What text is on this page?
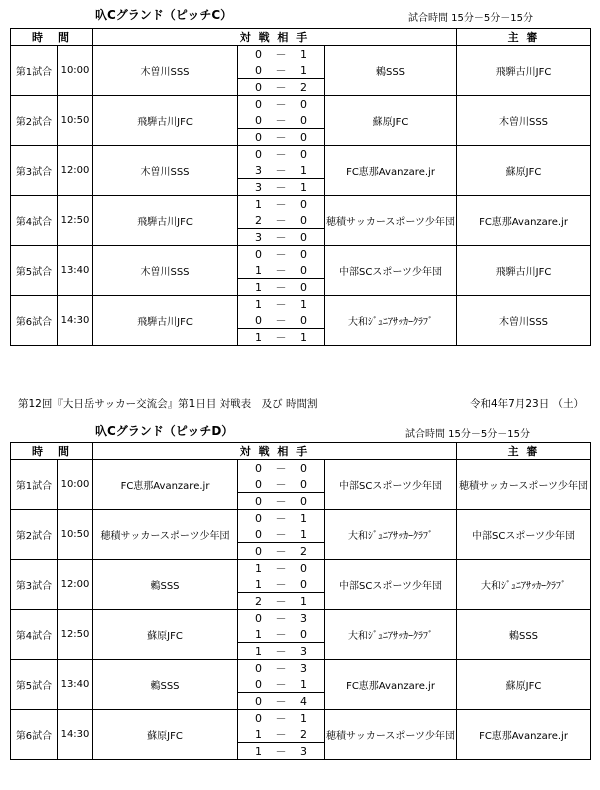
叺Cグランド（ピッチC）	試合時間 15分－5分－15分
時　間		対 戦 相 手			主 審
第1試合	10:00	木曽川SSS	0 － 1	鶫SSS	飛騨古川JFC

			0 － 1		

			0 － 2		

第2試合	10:50	飛騨古川JFC	0 － 0	蘇原JFC	木曽川SSS

			0 － 0		

			0 － 0		

第3試合	12:00	木曽川SSS	0 － 0	FC恵那Avanzare.jr	蘇原JFC

			3 － 1		

			3 － 1		

第4試合	12:50	飛騨古川JFC	1 － 0	穂積サッカースポーツ少年団	FC恵那Avanzare.jr

			2 － 0		

			3 － 0		

第5試合	13:40	木曽川SSS	0 － 0	中部SCスポーツ少年団	飛騨古川JFC

			1 － 0		

			1 － 0		

第6試合	14:30	飛騨古川JFC	1 － 1	大和ｼﾞｭﾆｱｻｯｶｰｸﾗﾌﾞ	木曽川SSS

			0 － 0		

			1 － 1		
第12回『大日岳サッカー交流会』第1日目 対戦表　及び 時間割	令和4年7月23日 （土）
叺Cグランド（ピッチD）	試合時間 15分－5分－15分
時　間		対 戦 相 手			主 審
第1試合	10:00	FC恵那Avanzare.jr	0 － 0	中部SCスポーツ少年団	穂積サッカースポーツ少年団

			0 － 0		

			0 － 0		

第2試合	10:50	穂積サッカースポーツ少年団	0 － 1	大和ｼﾞｭﾆｱｻｯｶｰｸﾗﾌﾞ	中部SCスポーツ少年団

			0 － 1		

			0 － 2		

第3試合	12:00	鶫SSS	1 － 0	中部SCスポーツ少年団	大和ｼﾞｭﾆｱｻｯｶｰｸﾗﾌﾞ

			1 － 0		

			2 － 1		

第4試合	12:50	蘇原JFC	0 － 3	大和ｼﾞｭﾆｱｻｯｶｰｸﾗﾌﾞ	鶫SSS

			1 － 0		

			1 － 3		

第5試合	13:40	鶫SSS	0 － 3	FC恵那Avanzare.jr	蘇原JFC

			0 － 1		

			0 － 4		

第6試合	14:30	蘇原JFC	0 － 1	穂積サッカースポーツ少年団	FC恵那Avanzare.jr

			1 － 2		

			1 － 3		
